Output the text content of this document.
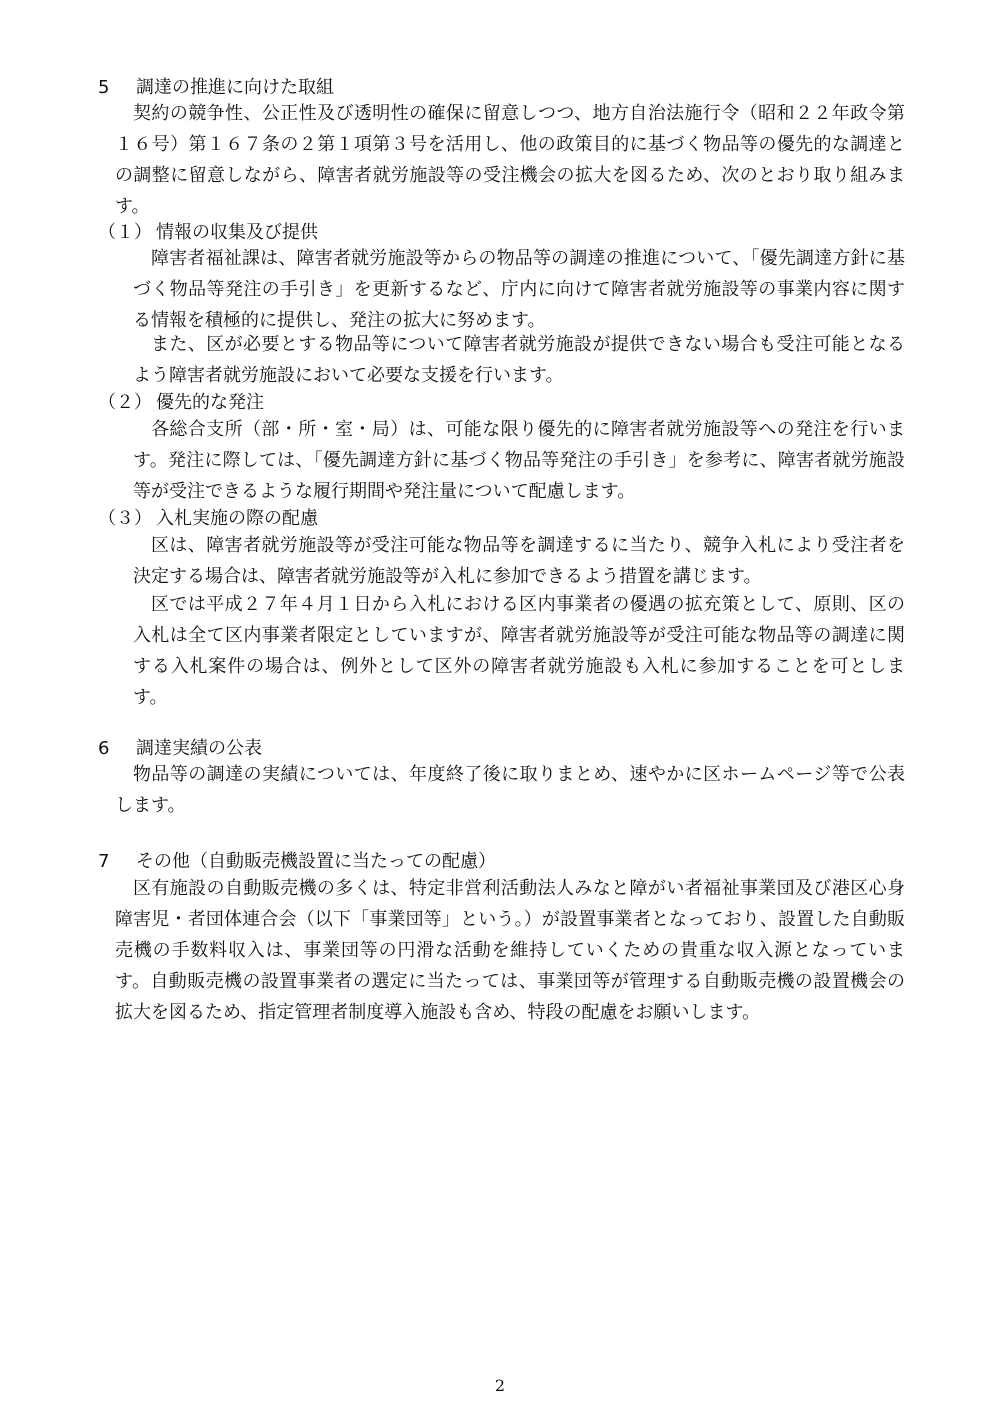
5 調達の推進に向けた取組

契約の競争性、公正性及び透明性の確保に留意しつつ、地方自治法施行令（昭和２２年政令第１６号）第１６７条の２第１項第３号を活用し、他の政策目的に基づく物品等の優先的な調達との調整に留意しながら、障害者就労施設等の受注機会の拡大を図るため、次のとおり取り組みます。

（１） 情報の収集及び提供

障害者福祉課は、障害者就労施設等からの物品等の調達の推進について、「優先調達方針に基づく物品等発注の手引き」を更新するなど、庁内に向けて障害者就労施設等の事業内容に関する情報を積極的に提供し、発注の拡大に努めます。

また、区が必要とする物品等について障害者就労施設が提供できない場合も受注可能となるよう障害者就労施設において必要な支援を行います。

（２） 優先的な発注

各総合支所（部・所・室・局）は、可能な限り優先的に障害者就労施設等への発注を行います。発注に際しては、「優先調達方針に基づく物品等発注の手引き」を参考に、障害者就労施設等が受注できるような履行期間や発注量について配慮します。

（３） 入札実施の際の配慮

区は、障害者就労施設等が受注可能な物品等を調達するに当たり、競争入札により受注者を決定する場合は、障害者就労施設等が入札に参加できるよう措置を講じます。

区では平成２７年４月１日から入札における区内事業者の優遇の拡充策として、原則、区の入札は全て区内事業者限定としていますが、障害者就労施設等が受注可能な物品等の調達に関する入札案件の場合は、例外として区外の障害者就労施設も入札に参加することを可とします。

6 調達実績の公表

物品等の調達の実績については、年度終了後に取りまとめ、速やかに区ホームページ等で公表します。

7 その他（自動販売機設置に当たっての配慮）

区有施設の自動販売機の多くは、特定非営利活動法人みなと障がい者福祉事業団及び港区心身障害児・者団体連合会（以下「事業団等」という。）が設置事業者となっており、設置した自動販売機の手数料収入は、事業団等の円滑な活動を維持していくための貴重な収入源となっています。自動販売機の設置事業者の選定に当たっては、事業団等が管理する自動販売機の設置機会の拡大を図るため、指定管理者制度導入施設も含め、特段の配慮をお願いします。

2
